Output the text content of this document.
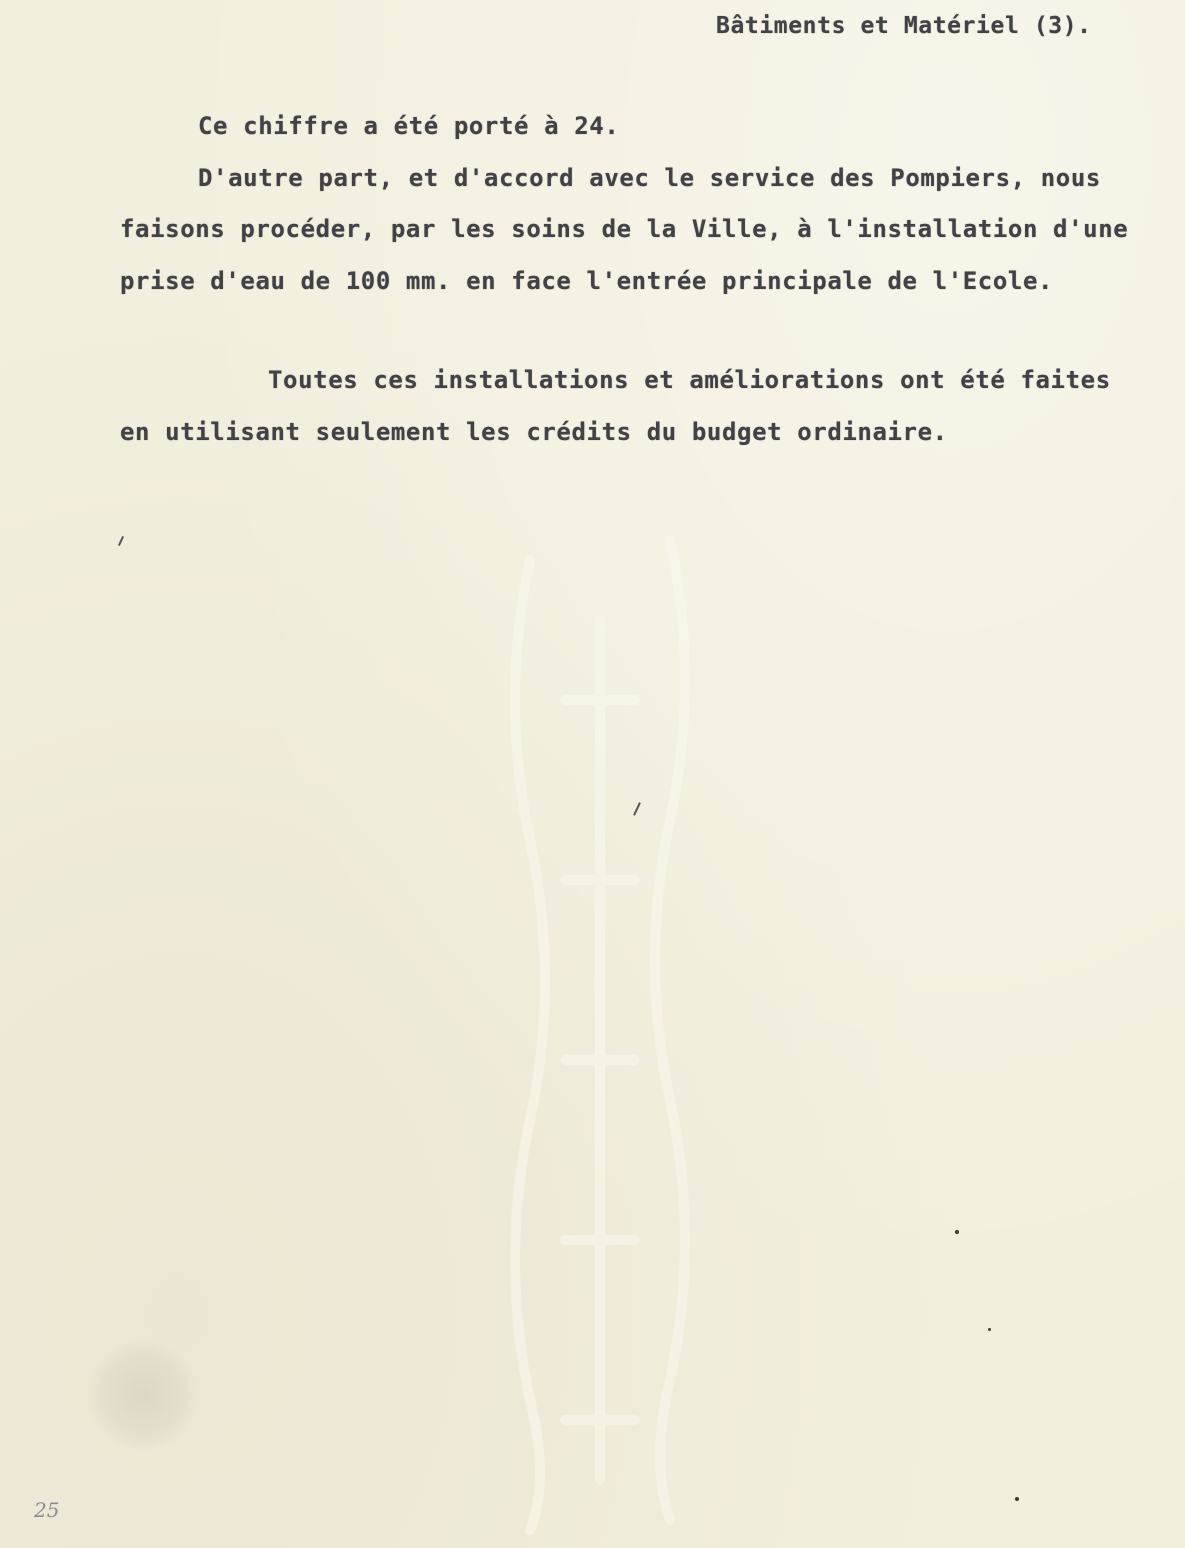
Bâtiments et Matériel (3).
Ce chiffre a été porté à 24.
D'autre part, et d'accord avec le service des Pompiers, nous
faisons procéder, par les soins de la Ville, à l'installation d'une
prise d'eau de 100 mm. en face l'entrée principale de l'Ecole.
Toutes ces installations et améliorations ont été faites
en utilisant seulement les crédits du budget ordinaire.
25
